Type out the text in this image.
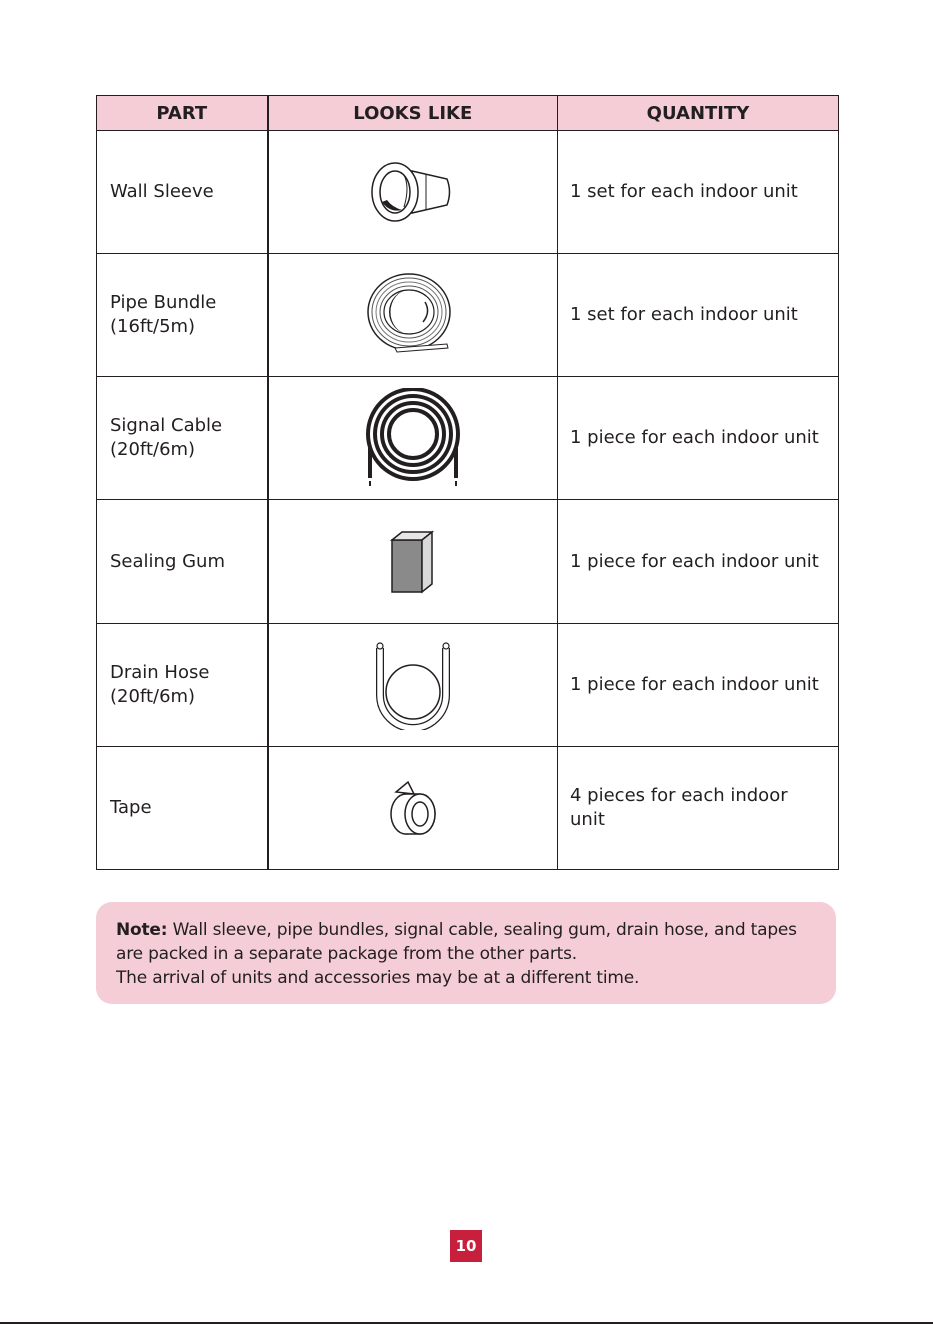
PART	LOOKS LIKE	QUANTITY
Wall Sleeve		1 set for each indoor unit
Pipe Bundle
(16ft/5m)		1 set for each indoor unit
Signal Cable
(20ft/6m)		1 piece for each indoor unit
Sealing Gum		1 piece for each indoor unit
Drain Hose
(20ft/6m)		1 piece for each indoor unit
Tape		4 pieces for each indoor unit

Note: Wall sleeve, pipe bundles, signal cable, sealing gum, drain hose, and tapes are packed in a separate package from the other parts.

The arrival of units and accessories may be at a different time.

10
